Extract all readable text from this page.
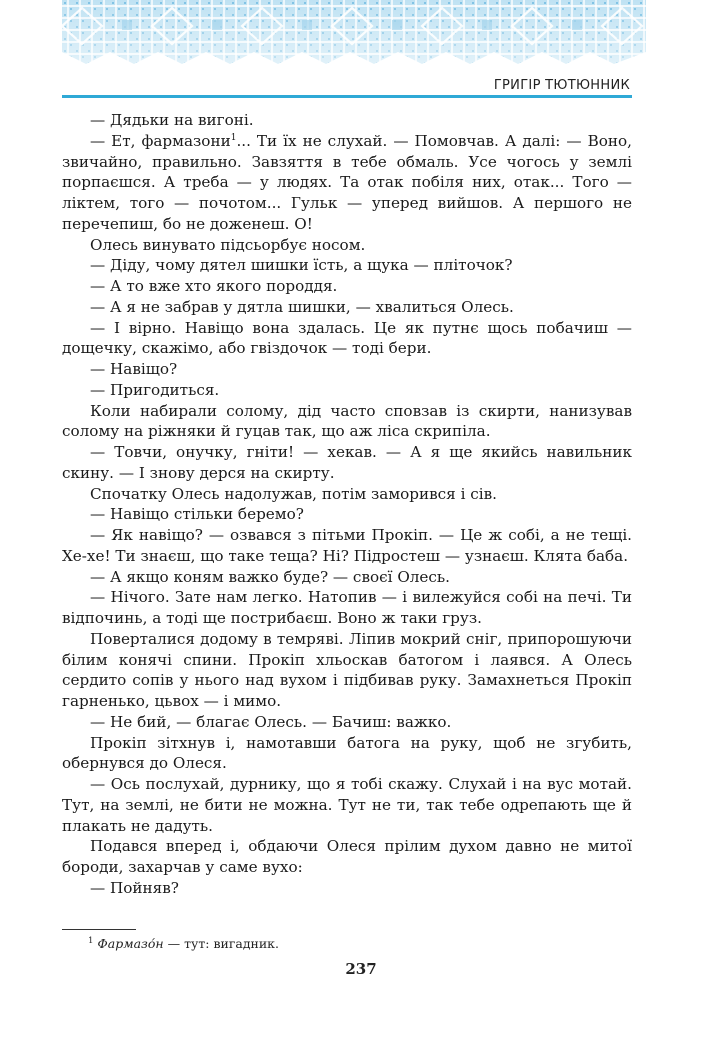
ГРИГІР ТЮТЮННИК

— Дядьки на вигоні.

— Ет, фармазони$^1$... Ти їх не слухай. — Помовчав. А далі: — Воно, звичайно, правильно. Завзяття в тебе обмаль. Усе чогось у землі порпаєшся. А треба — у людях. Та отак побіля них, отак... Того — ліктем, того — почотом... Гульк — уперед вийшов. А першого не перечепиш, бо не доженеш. О!

Олесь винувато підсьорбує носом.

— Діду, чому дятел шишки їсть, а щука — пліточок?

— А то вже хто якого породдя.

— А я не забрав у дятла шишки, — хвалиться Олесь.

— І вірно. Навіщо вона здалась. Це як путнє щось побачиш — дощечку, скажімо, або гвіздочок — тоді бери.

— Навіщо?

— Пригодиться.

Коли набирали солому, дід часто сповзав із скирти, нанизував солому на ріжняки й гуцав так, що аж ліса скрипіла.

— Товчи, онучку, гніти! — хекав. — А я ще якийсь навильник скину. — І знову дерся на скирту.

Спочатку Олесь надолужав, потім заморився і сів.

— Навіщо стільки беремо?

— Як навіщо? — озвався з пітьми Прокіп. — Це ж собі, а не тещі. Хе-хе! Ти знаєш, що таке теща? Ні? Підростеш — узнаєш. Клята баба.

— А якщо коням важко буде? — своєї Олесь.

— Нічого. Зате нам легко. Натопив — і вилежуйся собі на печі. Ти відпочинь, а тоді ще пострибаєш. Воно ж таки груз.

Поверталися додому в темряві. Ліпив мокрий сніг, припорошуючи білим конячі спини. Прокіп хльоскав батогом і лаявся. А Олесь сердито сопів у нього над вухом і підбивав руку. Замахнеться Прокіп гарненько, цьвох — і мимо.

— Не бий, — благає Олесь. — Бачиш: важко.

Прокіп зітхнув і, намотавши батога на руку, щоб не згубить, обернувся до Олеся.

— Ось послухай, дурнику, що я тобі скажу. Слухай і на вус мотай. Тут, на землі, не бити не можна. Тут не ти, так тебе одрепають ще й плакать не дадуть.

Подався вперед і, обдаючи Олеся прілим духом давно не митої бороди, захарчав у саме вухо:

— Пойняв?

$^1$ Фармазо́н — тут: вигадник.
237
